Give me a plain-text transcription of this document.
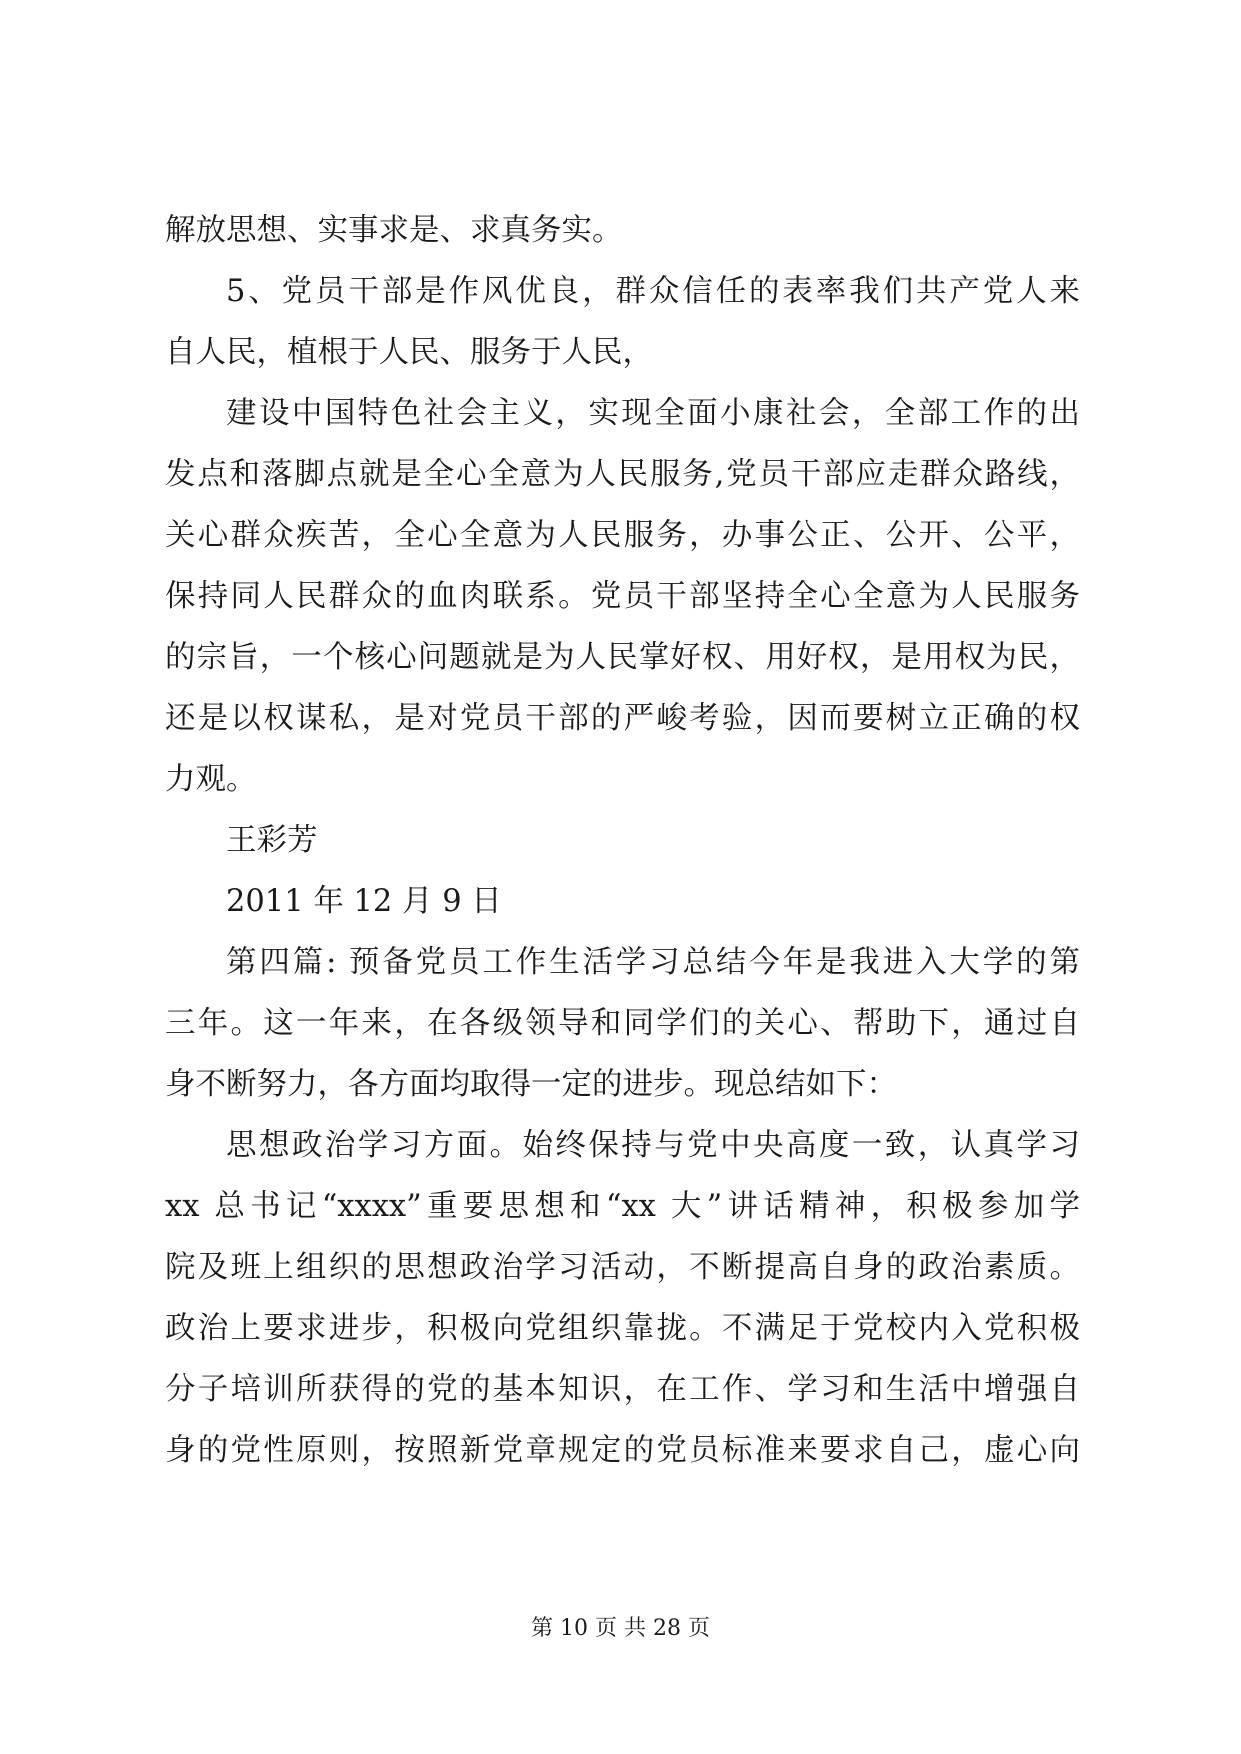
解放思想、实事求是、求真务实。
5、党员干部是作风优良，群众信任的表率我们共产党人来
自人民，植根于人民、服务于人民，
建设中国特色社会主义，实现全面小康社会，全部工作的出
发点和落脚点就是全心全意为人民服务,党员干部应走群众路线，
关心群众疾苦，全心全意为人民服务，办事公正、公开、公平，
保持同人民群众的血肉联系。党员干部坚持全心全意为人民服务
的宗旨，一个核心问题就是为人民掌好权、用好权，是用权为民，
还是以权谋私，是对党员干部的严峻考验，因而要树立正确的权
力观。
王彩芳
2011 年 12 月 9 日
第四篇: 预备党员工作生活学习总结今年是我进入大学的第
三年。这一年来，在各级领导和同学们的关心、帮助下，通过自
身不断努力，各方面均取得一定的进步。现总结如下：
思想政治学习方面。始终保持与党中央高度一致，认真学习
xx 总书记“xxxx”重要思想和“xx 大”讲话精神，积极参加学
院及班上组织的思想政治学习活动，不断提高自身的政治素质。
政治上要求进步，积极向党组织靠拢。不满足于党校内入党积极
分子培训所获得的党的基本知识，在工作、学习和生活中增强自
身的党性原则，按照新党章规定的党员标准来要求自己，虚心向
第 10 页 共 28 页
